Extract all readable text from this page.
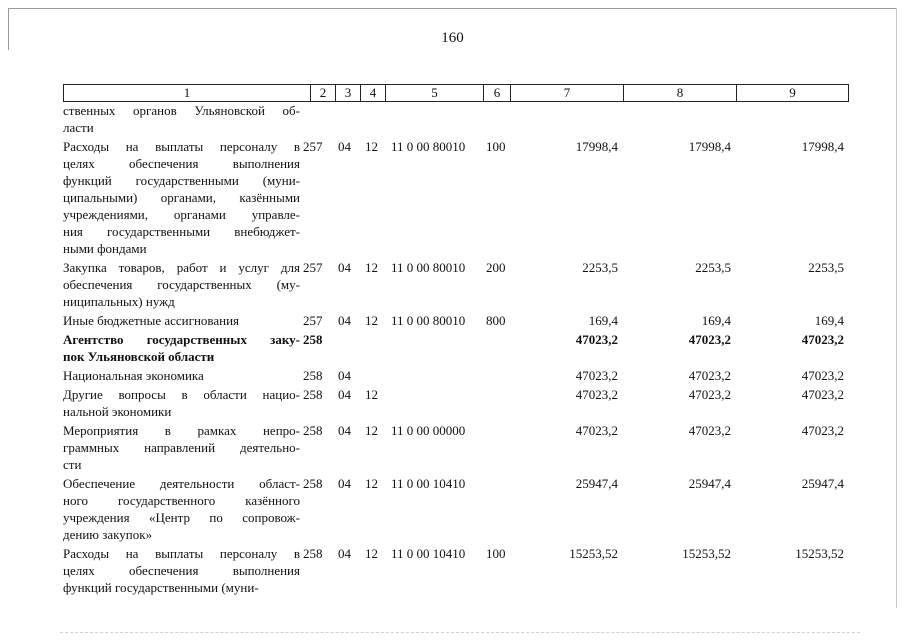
160
1	2	3	4	5	6	7	8	9
ственных органов Ульяновской об-
ласти
Расходы на выплаты персоналу в
целях обеспечения выполнения
функций государственными (муни-
ципальными) органами, казёнными
учреждениями, органами управле-
ния государственными внебюджет-
ными фондами
257 04 12 11 0 00 80010 100	17998,4	17998,4	17998,4
Закупка товаров, работ и услуг для
обеспечения государственных (му-
ниципальных) нужд
257 04 12 11 0 00 80010 200	2253,5	2253,5	2253,5
Иные бюджетные ассигнования	257 04 12 11 0 00 80010 800	169,4	169,4	169,4
Агентство государственных заку-
пок Ульяновской области
258	47023,2	47023,2	47023,2
Национальная экономика	258 04	47023,2	47023,2	47023,2
Другие вопросы в области нацио-
нальной экономики
258 04 12	47023,2	47023,2	47023,2
Мероприятия в рамках непро-
граммных направлений деятельно-
сти
258 04 12 11 0 00 00000	47023,2	47023,2	47023,2
Обеспечение деятельности област-
ного государственного казённого
учреждения «Центр по сопровож-
дению закупок»
258 04 12 11 0 00 10410	25947,4	25947,4	25947,4
Расходы на выплаты персоналу в
целях обеспечения выполнения
функций государственными (муни-
258 04 12 11 0 00 10410 100	15253,52	15253,52	15253,52
